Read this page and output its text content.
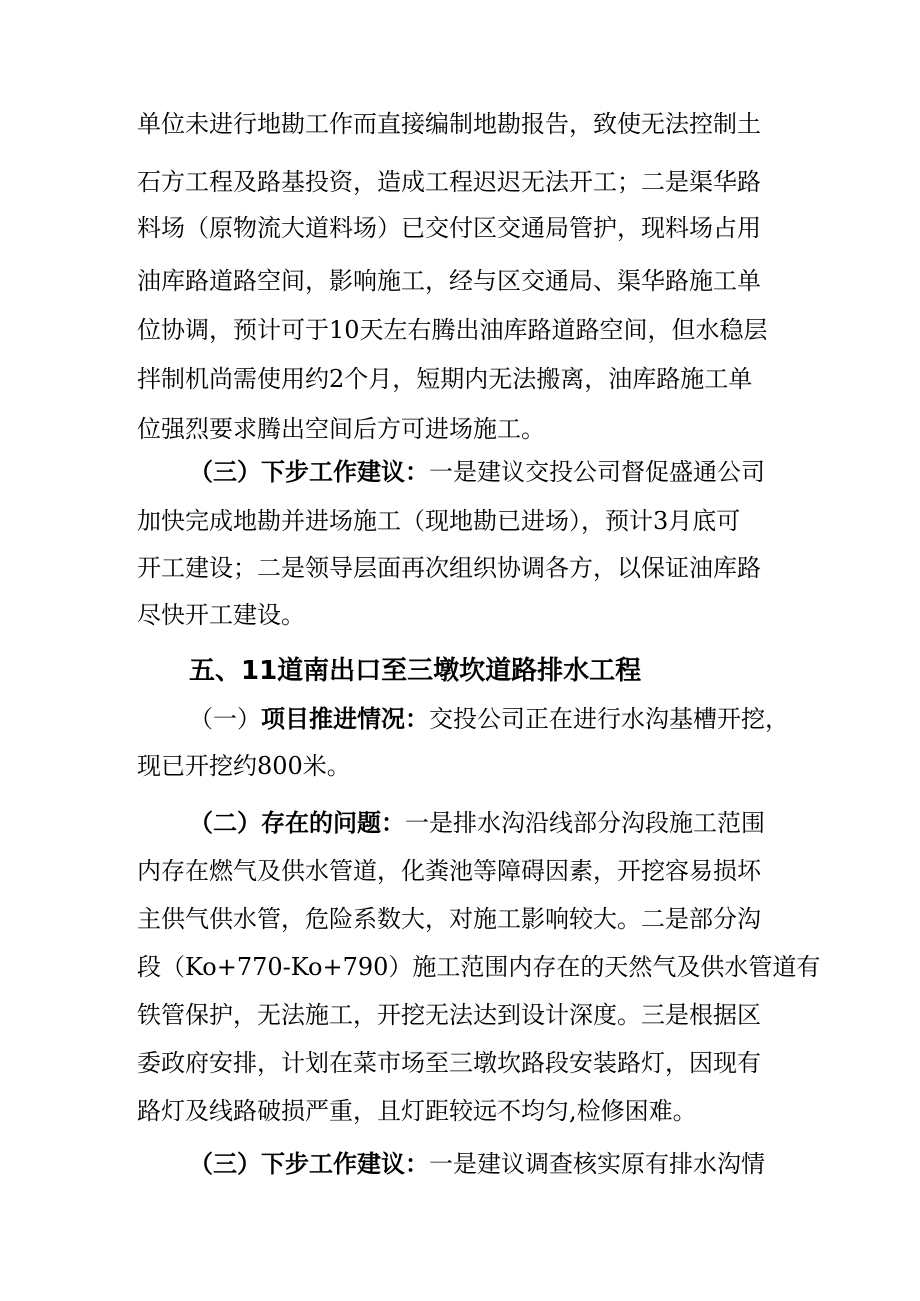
单位未进行地勘工作而直接编制地勘报告，致使无法控制土
石方工程及路基投资，造成工程迟迟无法开工；二是渠华路
料场（原物流大道料场）已交付区交通局管护，现料场占用
油库路道路空间，影响施工，经与区交通局、渠华路施工单
位协调，预计可于10天左右腾出油库路道路空间，但水稳层
拌制机尚需使用约2个月，短期内无法搬离，油库路施工单
位强烈要求腾出空间后方可进场施工。
（三）下步工作建议：一是建议交投公司督促盛通公司
加快完成地勘并进场施工（现地勘已进场），预计3月底可
开工建设；二是领导层面再次组织协调各方，以保证油库路
尽快开工建设。
五、11道南出口至三墩坎道路排水工程
（一）项目推进情况：交投公司正在进行水沟基槽开挖，
现已开挖约800米。
（二）存在的问题：一是排水沟沿线部分沟段施工范围
内存在燃气及供水管道，化粪池等障碍因素，开挖容易损坏
主供气供水管，危险系数大，对施工影响较大。二是部分沟
段（Ko+770-Ko+790）施工范围内存在的天然气及供水管道有
铁管保护，无法施工，开挖无法达到设计深度。三是根据区
委政府安排，计划在菜市场至三墩坎路段安装路灯，因现有
路灯及线路破损严重，且灯距较远不均匀,检修困难。
（三）下步工作建议：一是建议调查核实原有排水沟情
